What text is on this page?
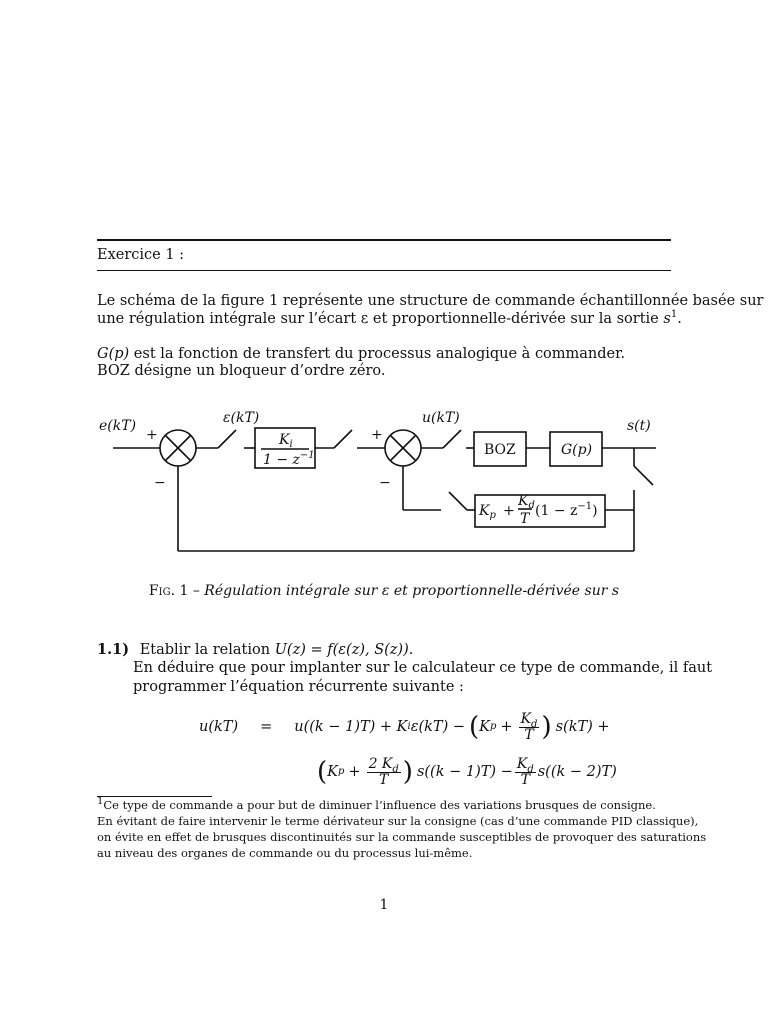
Exercice 1 :
Le schéma de la figure 1 représente une structure de commande échantillonnée basée sur
une régulation intégrale sur l’écart ε et proportionnelle-dérivée sur la sortie $s^1$.
G(p) est la fonction de transfert du processus analogique à commander.
BOZ désigne un bloqueur d’ordre zéro.
e(kT)
+
−
ε(kT)
$K_i$
$1 - z^{-1}$
+
−
u(kT)
BOZ	G(p)
s(t)
$K_p$ +
$K_d$
T $(1 - z^{-1})$
Fig. 1 – Régulation intégrale sur ε et proportionnelle-dérivée sur s
1.1) Etablir la relation U(z) = f(ε(z), S(z)).
En déduire que pour implanter sur le calculateur ce type de commande, il faut
programmer l’équation récurrente suivante :
u(kT) = u((k − 1)T) + K i ε(kT) − ( K $p + \frac{K_d}{T}$ ) s(kT) +
( K $p + \frac{2 K_d}{T}$ ) $s((k - 1)T) - \frac{K_d}{T} s((k - 2)T)$
1Ce type de commande a pour but de diminuer l’influence des variations brusques de consigne.
En évitant de faire intervenir le terme dérivateur sur la consigne (cas d’une commande PID classique),
on évite en effet de brusques discontinuités sur la commande susceptibles de provoquer des saturations
au niveau des organes de commande ou du processus lui-même.
1
